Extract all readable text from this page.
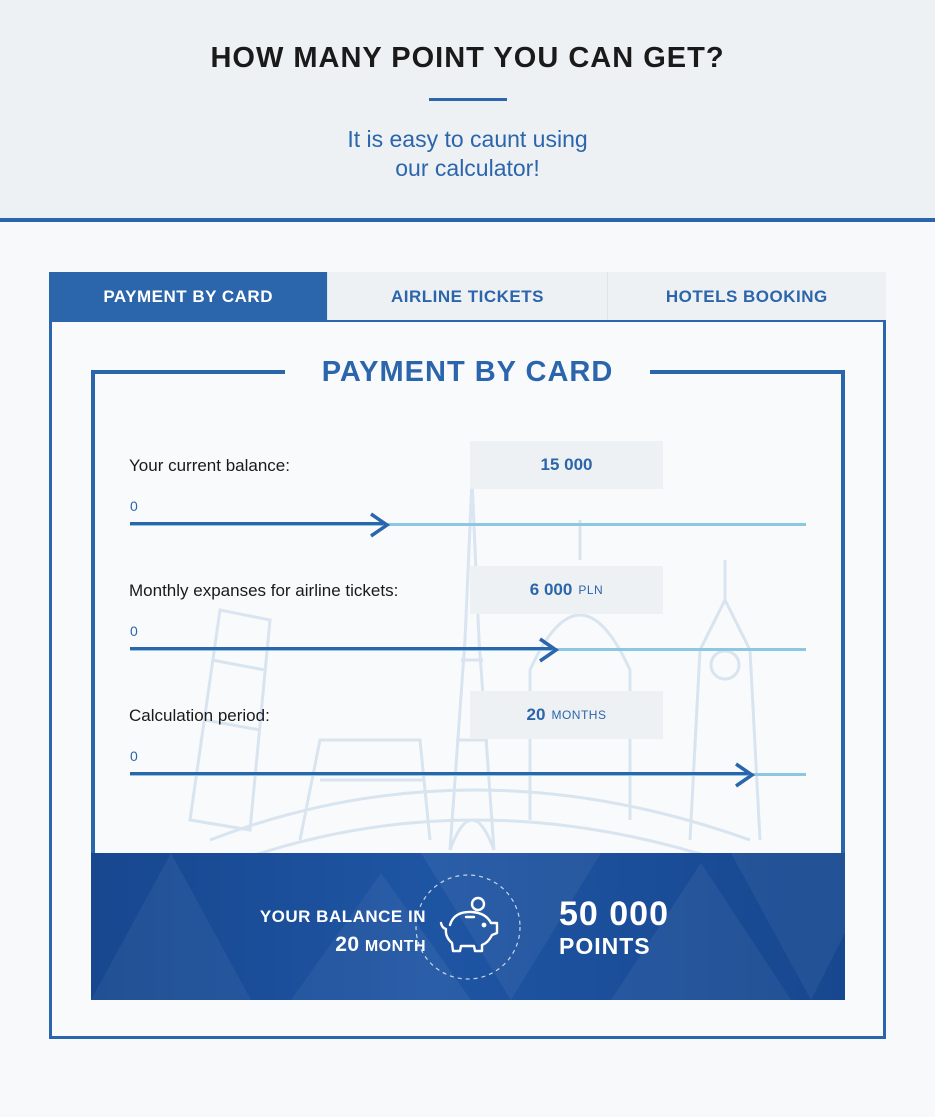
HOW MANY POINT YOU CAN GET?

It is easy to caunt using
our calculator!

PAYMENT BY CARD	AIRLINE TICKETS	HOTELS BOOKING
PAYMENT BY CARD
Your current balance:	15 000
0
Monthly expanses for airline tickets:	6 000 PLN
0
Calculation period:	20 MONTHS
0
YOUR BALANCE IN
20 MONTH
50 000
POINTS
